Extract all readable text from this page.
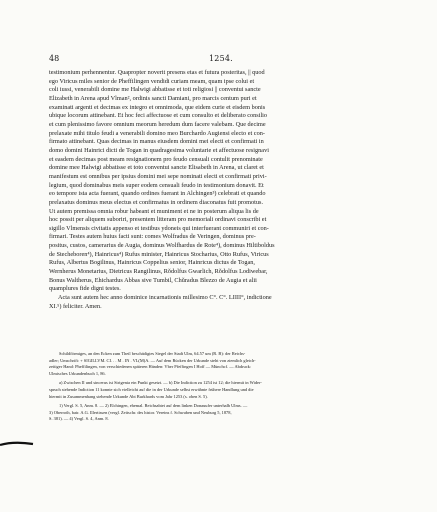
48	1254.

testimonium perhennentur. Quapropter noverit presens etas et futura posteritas, || quod

ego Viricus miles senior de Pheffilingen vendidi curiam meam, quam ipse colui et

coli iussi, venerabili domine me Halwigi abbatisse et toti religiosi || conventui sancte

Elizabeth in Arena apud Vlman², ordinis sancti Damiani, pro marcis centum puri et

examinati argenti et decimas ex integro et omnimoda, que eidem curie et eisdem bonis

ubique locorum attinebant. Et hoc feci affectuose et cum consulto et deliberato consilio

et cum plenissimo favore omnium meorum heredum dum facere valebam. Que decime

prelaxate mihi titulo feudi a venerabili domino meo Burchardo Augiensi electo et con-

firmato attinebant. Quas decimas in manus eiusdem domini mei electi et confirmati in

domo domini Hainrici dicti de Togan in quadragesima voluntarie et affectuose resignavi

et easdem decimas post meam resignationem pro feudo censuali contulit prenominate

domine mee Halwigi abbatisse et toto conventui sancte Elisabeth in Arena, ut claret et

manifestum est omnibus per ipsius domini mei sepe nominati electi et confirmati privi-

legium, quod dominabus meis super eodem censuali feudo in testimonium donavit. Et

eo tempore ista acta fuerant, quando ordines fuerant in Alchingen³) celebrati et quando

prelaxatus dominus meus electus et confirmatus in ordinem diaconatus fuit promotus.

Ut autem premissa omnia robur habeant et muniment et ne in posterum aliqua lis de

hoc possit per aliquem suboriri, presentem litteram pro memoriali ordinavi conscribi et

sigillo Vlmensis civitatis appenso et testibus ydoneis qui interfuerant communiri et con-

firmari. Testes autem huius facti sunt: comes Wolfradus de Veringen, dominus pre-

positus, custos, camerarius de Augia, dominus Wolfhardus de Rote⁴), dominus Hiltiboldus

de Stecheboren⁴), Hainricus⁴) Rufus minister, Hainricus Stocharius, Otto Rufus, Viricus

Rufus, Albertus Bogilinus, Hainricus Coppelius senior, Hainricus dictus de Togan,

Wernherus Monetarius, Dietricus Rangilinus, Rŏdolfus Gwarlich, Rŏdolfus Lodiwebar,

Bonus Waltherus, Ehichardus Abbas sive Tumbil, Chŭradus Blezzo de Augia et alii

quamplures fide digni testes.

Acta sunt autem hec anno dominice incarnationis millesimo C°. C°. LIIII°, indictione

XI.⁵) feliciter. Amen.

Schildförmiges, an den Ecken zum Theil beschädigtes Siegel der Stadt Ulm, 64.57 um (R. B): der Reichs-

adler; Umschrift: + SIGILLVM. CI. . . M . IN . VL(M)A. — Auf dem Rücken der Urkunde steht von ziemlich gleich-

zeitiger Hand: Pheffilingen, von verschiedenen späteren Händen: Vber Pfeffingen I Hoff — Münchcf. — Abdruck:

Ulmisches Urkundenbuch 1, 86.

a) Zwischen II und sincerus ist Strigenia ein Punkt gesetzt. — b) Die Indiction zu 1254 ist 12; die hiermit in Wider-

spruch stehende Indiction 11 konnte sich vielleicht auf die in der Urkunde selbst erwähnte frühere Handlung und die

hiermit in Zusammenhang stehende Urkunde Abt Burkhards vom Jahr 1253 (s. oben S. 5).

1) Vergl. S. 5, Anm. 8. — 2) Elchingen, ehemal. Reichsabtei auf dem linken Donauufer unterhalb Ulms. —

3) Oberroth, bair. A.G. Illertissen (vergl. Zeitschr. des histor. Vereins f. Schwaben und Neuburg 5, 1878,

S. 381). — 4) Vergl. S. 4, Anm. 8.
